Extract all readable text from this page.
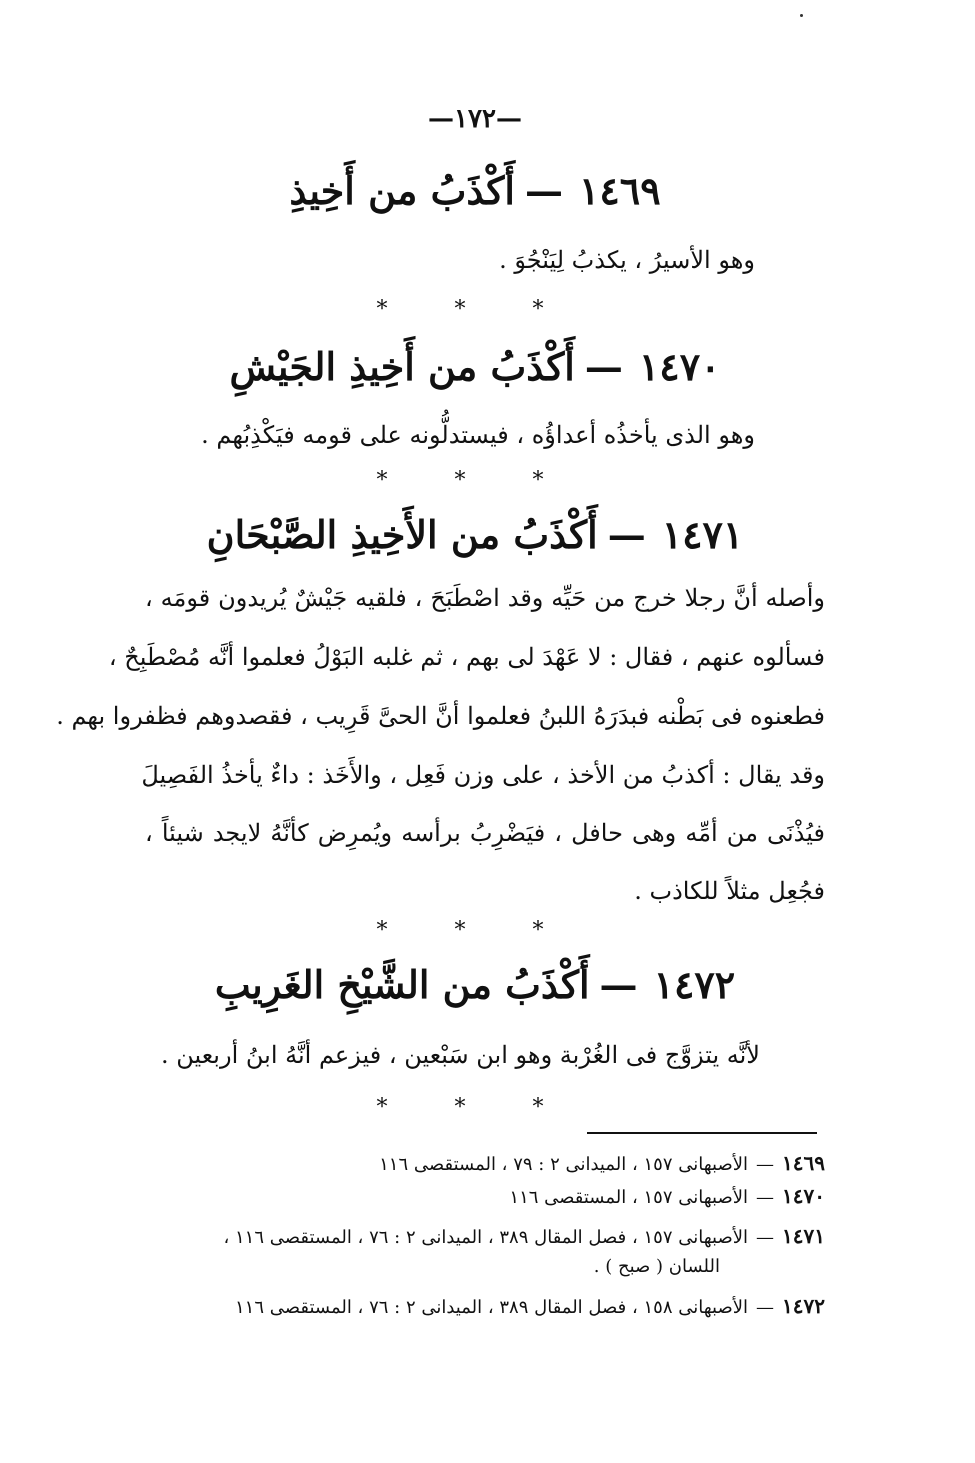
—١٧٢—
١٤٦٩—أَكْذَبُ من أَخِيذِ
وهو الأسيرُ ، يكذبُ لِيَنْجُوَ .
* * *
١٤٧٠—أَكْذَبُ من أَخِيذِ الجَيْشِ
وهو الذى يأخذُه أعداؤُه ، فيستدلُّونه على قومه فيَكْذِبُهم .
* * *
١٤٧١—أَكْذَبُ من الأَخِيذِ الصَّبْحَانِ
وأصله أنَّ رجلا خرج من حَيِّه وقد اصْطَبَحَ ، فلقيه جَيْشٌ يُريدون قومَه ،
فسألوه عنهم ، فقال : لا عَهْدَ لى بهم ، ثم غلبه البَوْلُ فعلموا أنَّه مُصْطَبِحٌ ،
فطعنوه فى بَطْنه فبدَرَهُ اللبنُ فعلموا أنَّ الحىَّ قَرِيب ، فقصدوهم فظفروا بهم .
وقد يقال : أكذبُ من الأخذ ، على وزن فَعِل ، والأَخَذ : داءٌ يأخذُ الفَصِيلَ
فيُذْنَى من أمِّه وهى حافل ، فيَضْرِبُ برأسه ويُمرِض كأنَّهُ لايجد شيئاً ،
فجُعِل مثلاً للكاذب .
* * *
١٤٧٢—أَكْذَبُ من الشَّيْخِ الغَرِيبِ
لأنَّه يتزوَّج فى الغُرْبة وهو ابن سَبْعين ، فيزعم أنَّهُ ابنُ أربعين .
* * *
١٤٦٩—الأصبهانى ١٥٧ ، الميدانى ٢ : ٧٩ ، المستقصى ١١٦
١٤٧٠—الأصبهانى ١٥٧ ، المستقصى ١١٦
١٤٧١—الأصبهانى ١٥٧ ، فصل المقال ٣٨٩ ، الميدانى ٢ : ٧٦ ، المستقصى ١١٦ ،
اللسان ( صبح ) .
١٤٧٢—الأصبهانى ١٥٨ ، فصل المقال ٣٨٩ ، الميدانى ٢ : ٧٦ ، المستقصى ١١٦
